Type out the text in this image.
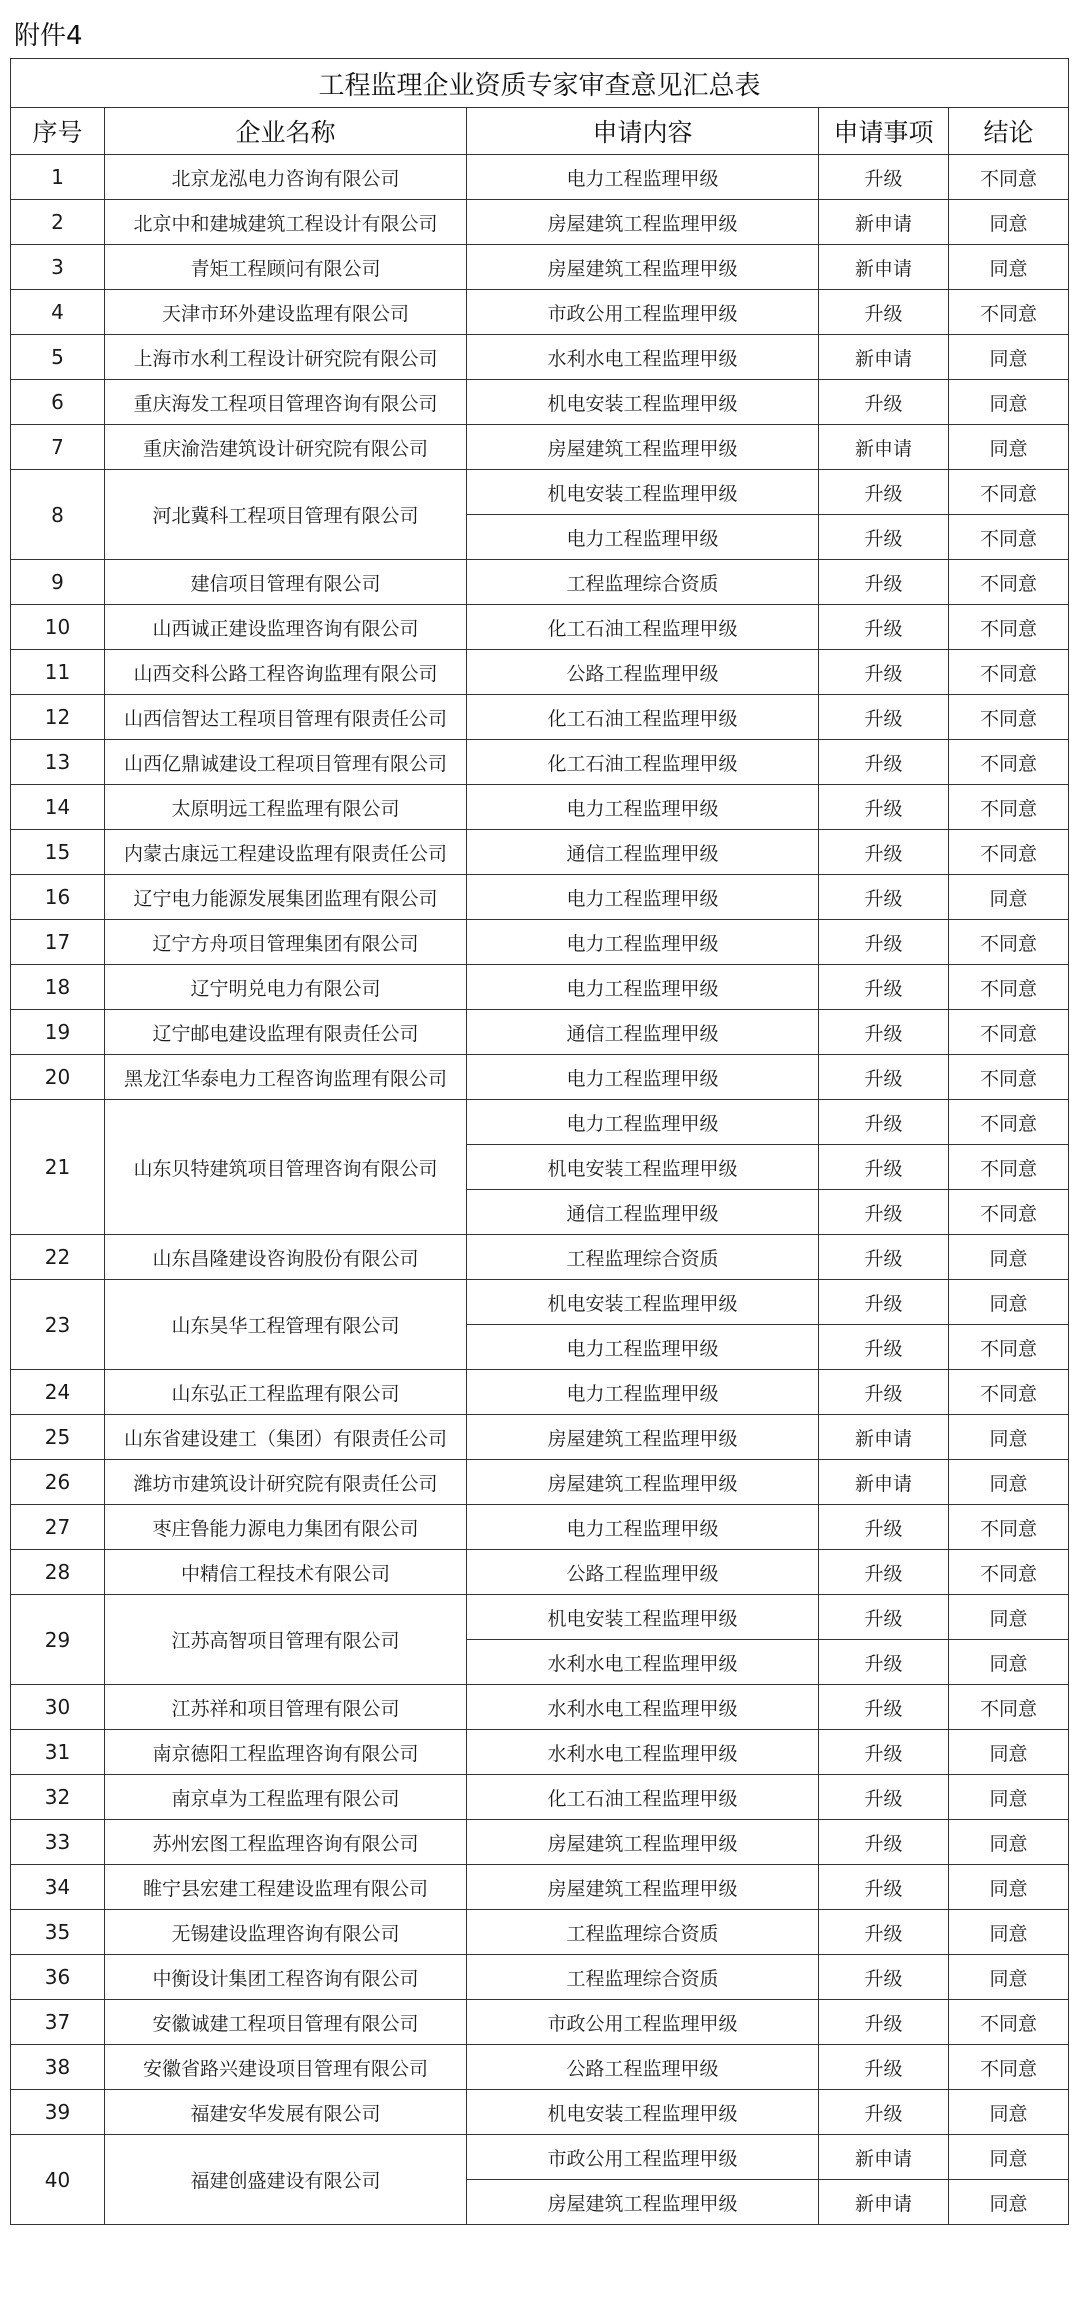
附件4
工程监理企业资质专家审查意见汇总表				
序号	企业名称	申请内容	申请事项	结论
1	北京龙泓电力咨询有限公司	电力工程监理甲级	升级	不同意
2	北京中和建城建筑工程设计有限公司	房屋建筑工程监理甲级	新申请	同意
3	青矩工程顾问有限公司	房屋建筑工程监理甲级	新申请	同意
4	天津市环外建设监理有限公司	市政公用工程监理甲级	升级	不同意
5	上海市水利工程设计研究院有限公司	水利水电工程监理甲级	新申请	同意
6	重庆海发工程项目管理咨询有限公司	机电安装工程监理甲级	升级	同意
7	重庆渝浩建筑设计研究院有限公司	房屋建筑工程监理甲级	新申请	同意
8	河北冀科工程项目管理有限公司	机电安装工程监理甲级	升级	不同意
		电力工程监理甲级	升级	不同意
9	建信项目管理有限公司	工程监理综合资质	升级	不同意
10	山西诚正建设监理咨询有限公司	化工石油工程监理甲级	升级	不同意
11	山西交科公路工程咨询监理有限公司	公路工程监理甲级	升级	不同意
12	山西信智达工程项目管理有限责任公司	化工石油工程监理甲级	升级	不同意
13	山西亿鼎诚建设工程项目管理有限公司	化工石油工程监理甲级	升级	不同意
14	太原明远工程监理有限公司	电力工程监理甲级	升级	不同意
15	内蒙古康远工程建设监理有限责任公司	通信工程监理甲级	升级	不同意
16	辽宁电力能源发展集团监理有限公司	电力工程监理甲级	升级	同意
17	辽宁方舟项目管理集团有限公司	电力工程监理甲级	升级	不同意
18	辽宁明兑电力有限公司	电力工程监理甲级	升级	不同意
19	辽宁邮电建设监理有限责任公司	通信工程监理甲级	升级	不同意
20	黑龙江华泰电力工程咨询监理有限公司	电力工程监理甲级	升级	不同意
21	山东贝特建筑项目管理咨询有限公司	电力工程监理甲级	升级	不同意
		机电安装工程监理甲级	升级	不同意
		通信工程监理甲级	升级	不同意
22	山东昌隆建设咨询股份有限公司	工程监理综合资质	升级	同意
23	山东昊华工程管理有限公司	机电安装工程监理甲级	升级	同意
		电力工程监理甲级	升级	不同意
24	山东弘正工程监理有限公司	电力工程监理甲级	升级	不同意
25	山东省建设建工（集团）有限责任公司	房屋建筑工程监理甲级	新申请	同意
26	潍坊市建筑设计研究院有限责任公司	房屋建筑工程监理甲级	新申请	同意
27	枣庄鲁能力源电力集团有限公司	电力工程监理甲级	升级	不同意
28	中精信工程技术有限公司	公路工程监理甲级	升级	不同意
29	江苏高智项目管理有限公司	机电安装工程监理甲级	升级	同意
		水利水电工程监理甲级	升级	同意
30	江苏祥和项目管理有限公司	水利水电工程监理甲级	升级	不同意
31	南京德阳工程监理咨询有限公司	水利水电工程监理甲级	升级	同意
32	南京卓为工程监理有限公司	化工石油工程监理甲级	升级	同意
33	苏州宏图工程监理咨询有限公司	房屋建筑工程监理甲级	升级	同意
34	睢宁县宏建工程建设监理有限公司	房屋建筑工程监理甲级	升级	同意
35	无锡建设监理咨询有限公司	工程监理综合资质	升级	同意
36	中衡设计集团工程咨询有限公司	工程监理综合资质	升级	同意
37	安徽诚建工程项目管理有限公司	市政公用工程监理甲级	升级	不同意
38	安徽省路兴建设项目管理有限公司	公路工程监理甲级	升级	不同意
39	福建安华发展有限公司	机电安装工程监理甲级	升级	同意
40	福建创盛建设有限公司	市政公用工程监理甲级	新申请	同意
		房屋建筑工程监理甲级	新申请	同意
